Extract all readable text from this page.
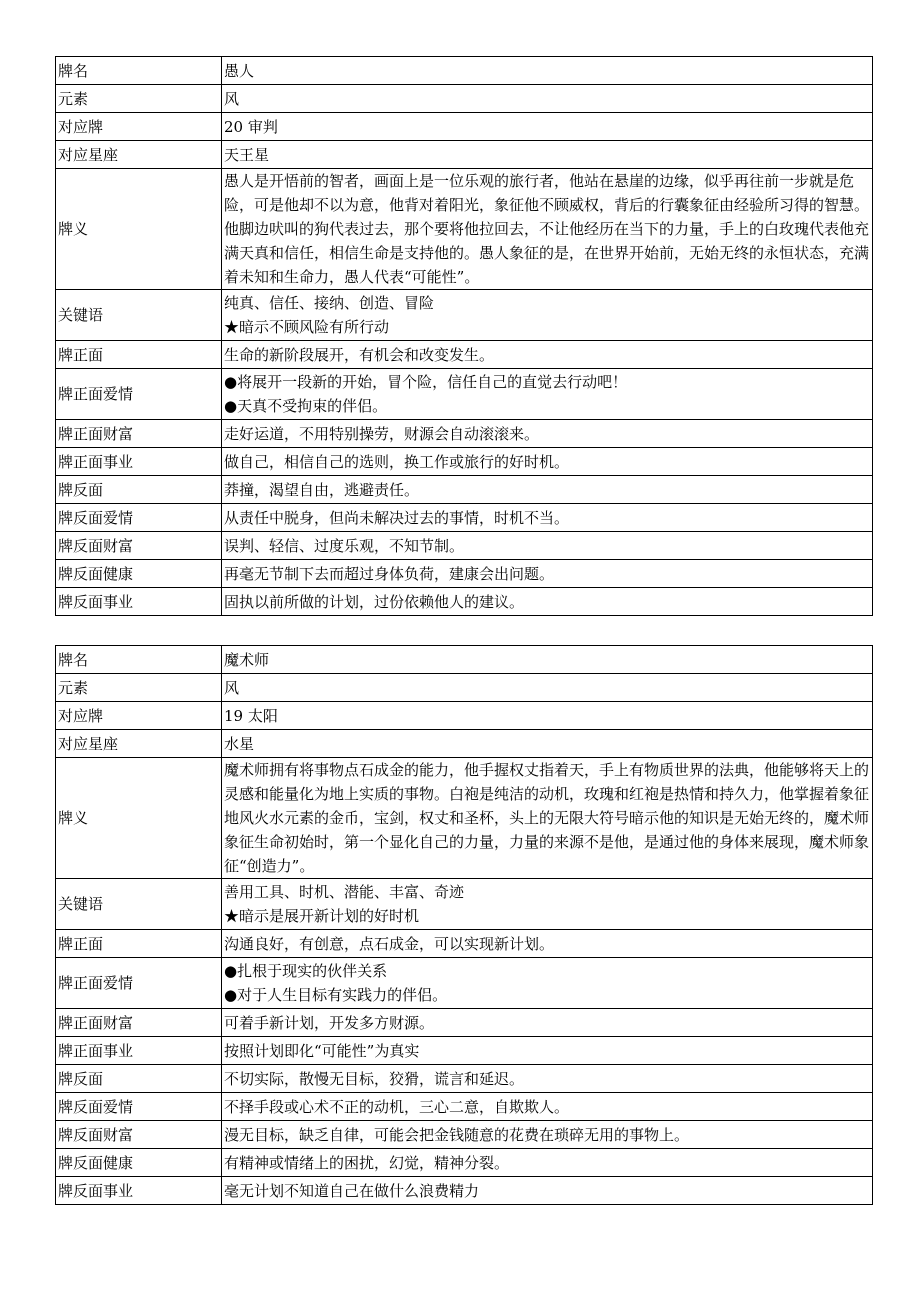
牌名	愚人
元素	风
对应牌	20 审判
对应星座	天王星
牌义	愚人是开悟前的智者，画面上是一位乐观的旅行者，他站在悬崖的边缘，似乎再往前一步就是危险，可是他却不以为意，他背对着阳光，象征他不顾威权，背后的行囊象征由经验所习得的智慧。他脚边吠叫的狗代表过去，那个要将他拉回去，不让他经历在当下的力量，手上的白玫瑰代表他充满天真和信任，相信生命是支持他的。愚人象征的是，在世界开始前，无始无终的永恒状态，充满着未知和生命力，愚人代表“可能性”。
关键语	纯真、信任、接纳、创造、冒险
★暗示不顾风险有所行动

牌正面	生命的新阶段展开，有机会和改变发生。
牌正面爱情	●将展开一段新的开始，冒个险，信任自己的直觉去行动吧！
●天真不受拘束的伴侣。

牌正面财富	走好运道，不用特别操劳，财源会自动滚滚来。
牌正面事业	做自己，相信自己的选则，换工作或旅行的好时机。
牌反面	莽撞，渴望自由，逃避责任。
牌反面爱情	从责任中脱身，但尚未解决过去的事情，时机不当。
牌反面财富	误判、轻信、过度乐观，不知节制。
牌反面健康	再毫无节制下去而超过身体负荷，建康会出问题。
牌反面事业	固执以前所做的计划，过份依赖他人的建议。
牌名	魔术师
元素	风
对应牌	19 太阳
对应星座	水星
牌义	魔术师拥有将事物点石成金的能力，他手握权丈指着天，手上有物质世界的法典，他能够将天上的灵感和能量化为地上实质的事物。白袍是纯洁的动机，玫瑰和红袍是热情和持久力，他掌握着象征地风火水元素的金币，宝剑，权丈和圣杯，头上的无限大符号暗示他的知识是无始无终的，魔术师象征生命初始时，第一个显化自己的力量，力量的来源不是他，是通过他的身体来展现，魔术师象征“创造力”。
关键语	善用工具、时机、潜能、丰富、奇迹
★暗示是展开新计划的好时机

牌正面	沟通良好，有创意，点石成金，可以实现新计划。
牌正面爱情	●扎根于现实的伙伴关系
●对于人生目标有实践力的伴侣。

牌正面财富	可着手新计划，开发多方财源。
牌正面事业	按照计划即化“可能性”为真实
牌反面	不切实际，散慢无目标，狡猾，谎言和延迟。
牌反面爱情	不择手段或心术不正的动机，三心二意，自欺欺人。
牌反面财富	漫无目标，缺乏自律，可能会把金钱随意的花费在琐碎无用的事物上。
牌反面健康	有精神或情绪上的困扰，幻觉，精神分裂。
牌反面事业	毫无计划不知道自己在做什么浪费精力
